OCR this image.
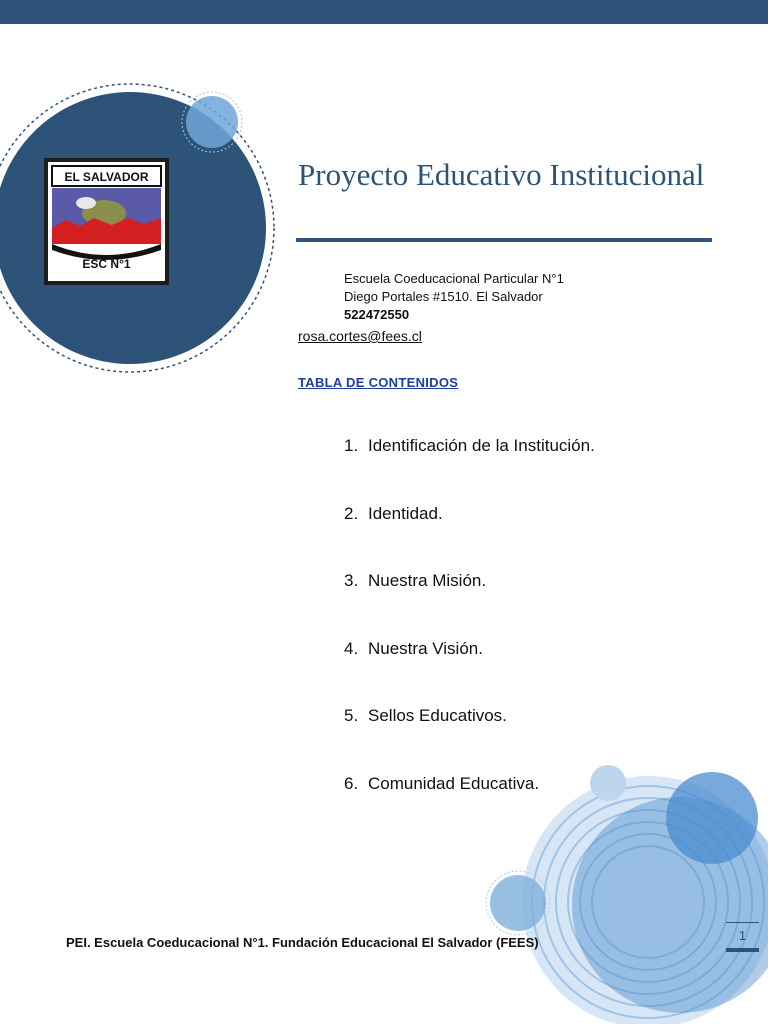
EL SALVADOR
ESC N°1
Proyecto Educativo Institucional
Escuela Coeducacional Particular N°1
Diego Portales #1510. El Salvador
522472550
rosa.cortes@fees.cl
TABLA DE CONTENIDOS
1. Identificación de la Institución.
2. Identidad.
3. Nuestra Misión.
4. Nuestra Visión.
5. Sellos Educativos.
6. Comunidad Educativa.
PEI. Escuela Coeducacional N°1. Fundación Educacional El Salvador (FEES)	1
